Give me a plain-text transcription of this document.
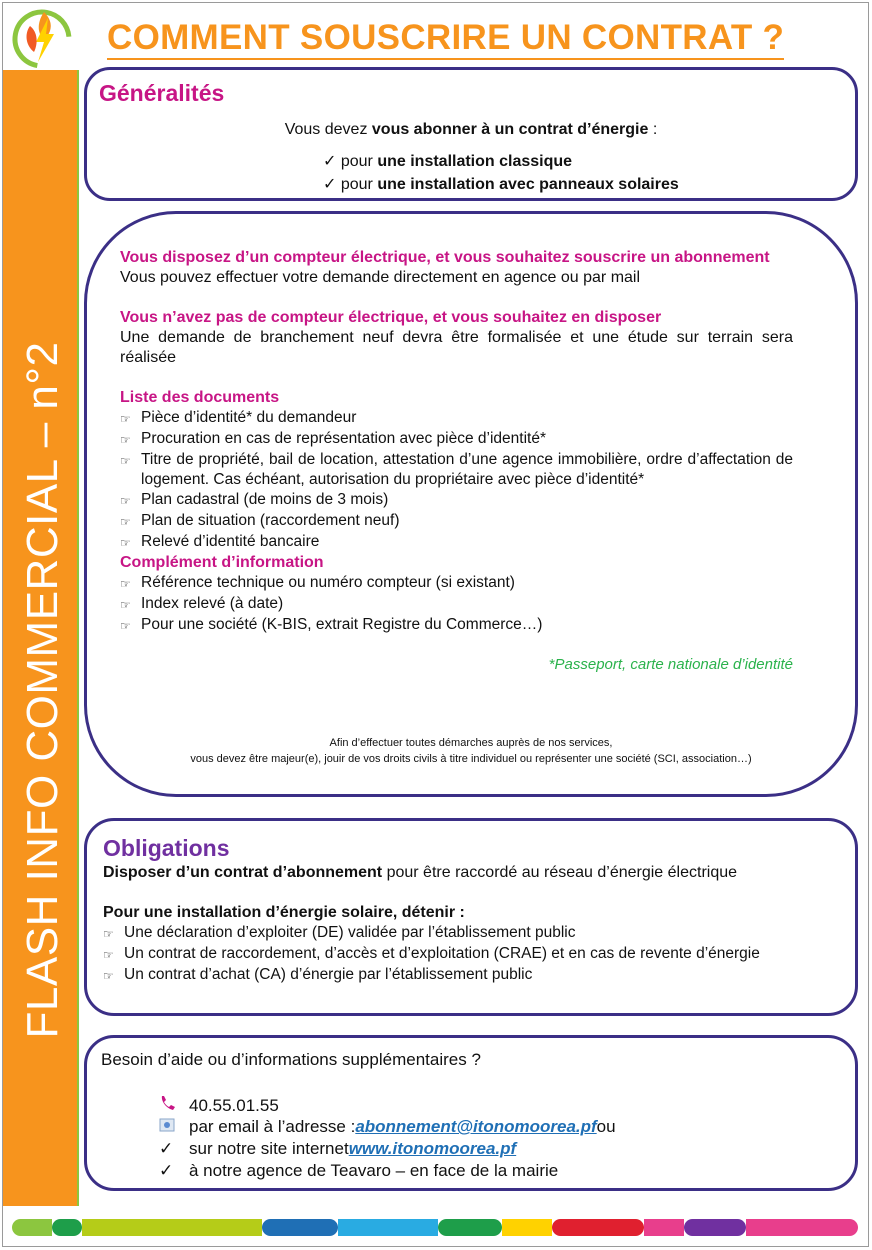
FLASH INFO COMMERCIAL – n°2
COMMENT SOUSCRIRE UN CONTRAT ?
Généralités
Vous devez vous abonner à un contrat d’énergie :
✓ pour une installation classique
✓ pour une installation avec panneaux solaires
Vous disposez d’un compteur électrique, et vous souhaitez souscrire un abonnement
Vous pouvez effectuer votre demande directement en agence ou par mail
Vous n’avez pas de compteur électrique, et vous souhaitez en disposer
Une demande de branchement neuf devra être formalisée et une étude sur terrain sera réalisée
Liste des documents
☞ Pièce d’identité* du demandeur
☞ Procuration en cas de représentation avec pièce d’identité*
☞ Titre de propriété, bail de location, attestation d’une agence immobilière, ordre d’affectation de logement. Cas échéant, autorisation du propriétaire avec pièce d’identité*
☞ Plan cadastral (de moins de 3 mois)
☞ Plan de situation (raccordement neuf)
☞ Relevé d’identité bancaire
Complément d’information
☞ Référence technique ou numéro compteur (si existant)
☞ Index relevé (à date)
☞ Pour une société (K-BIS, extrait Registre du Commerce…)
*Passeport, carte nationale d’identité
Afin d’effectuer toutes démarches auprès de nos services,
vous devez être majeur(e), jouir de vos droits civils à titre individuel ou représenter une société (SCI, association…)
Obligations
Disposer d’un contrat d’abonnement pour être raccordé au réseau d’énergie électrique
Pour une installation d’énergie solaire, détenir :
☞ Une déclaration d’exploiter (DE) validée par l’établissement public
☞ Un contrat de raccordement, d’accès et d’exploitation (CRAE) et en cas de revente d’énergie
☞ Un contrat d’achat (CA) d’énergie par l’établissement public
Besoin d’aide ou d’informations supplémentaires ?
40.55.01.55
par email à l’adresse : abonnement@itonomoorea.pf ou
✓ sur notre site internet www.itonomoorea.pf
✓ à notre agence de Teavaro – en face de la mairie
